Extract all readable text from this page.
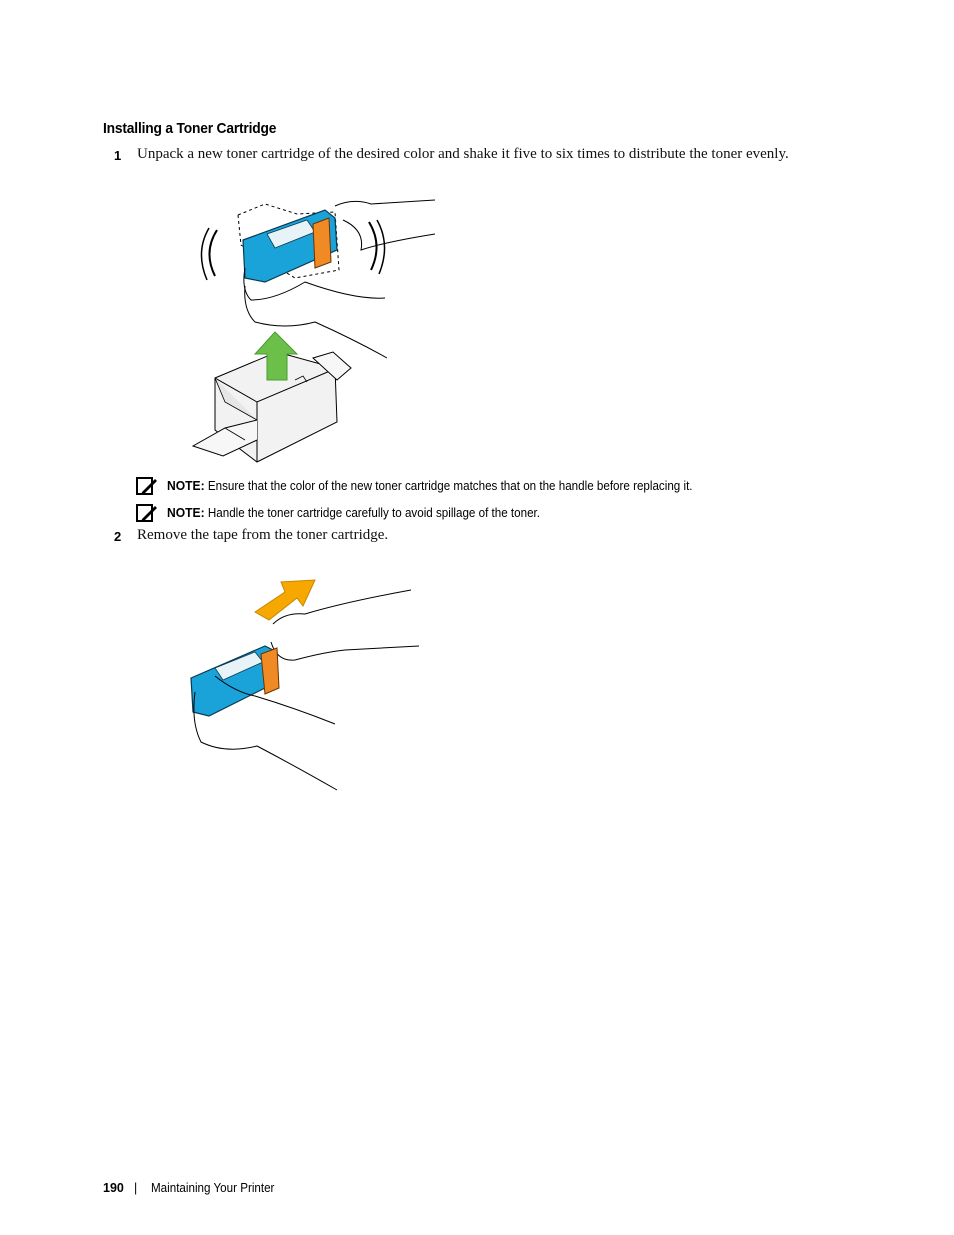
Installing a Toner Cartridge
1 Unpack a new toner cartridge of the desired color and shake it five to six times to distribute the toner evenly.
NOTE: Ensure that the color of the new toner cartridge matches that on the handle before replacing it.
NOTE: Handle the toner cartridge carefully to avoid spillage of the toner.
2 Remove the tape from the toner cartridge.
190 | Maintaining Your Printer
